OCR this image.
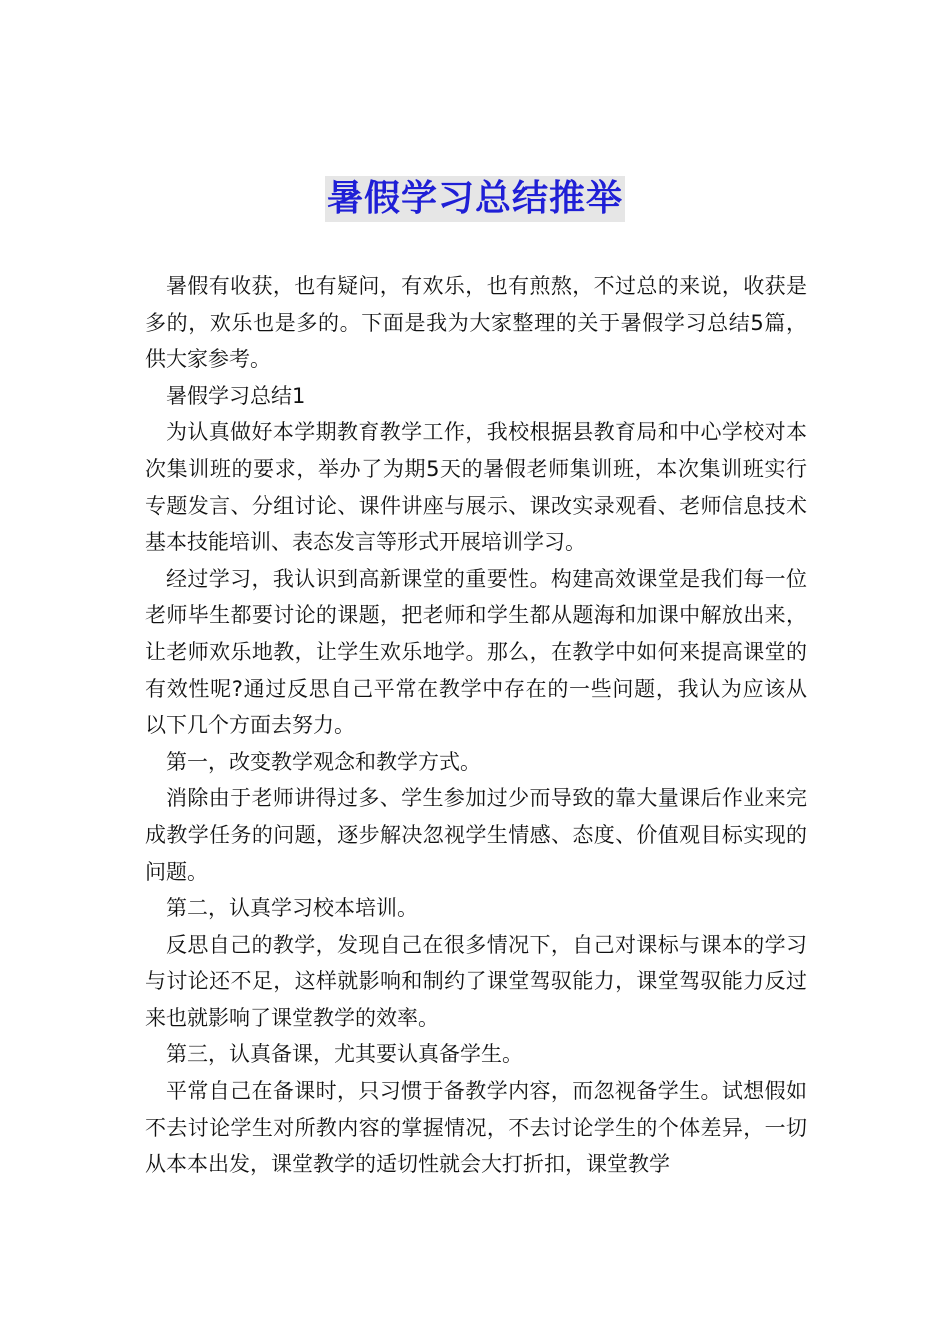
暑假学习总结推举

暑假有收获，也有疑问，有欢乐，也有煎熬，不过总的来说，收获是多的，欢乐也是多的。下面是我为大家整理的关于暑假学习总结5篇，供大家参考。

暑假学习总结1

为认真做好本学期教育教学工作，我校根据县教育局和中心学校对本次集训班的要求，举办了为期5天的暑假老师集训班，本次集训班实行专题发言、分组讨论、课件讲座与展示、课改实录观看、老师信息技术基本技能培训、表态发言等形式开展培训学习。

经过学习，我认识到高新课堂的重要性。构建高效课堂是我们每一位老师毕生都要讨论的课题，把老师和学生都从题海和加课中解放出来，让老师欢乐地教，让学生欢乐地学。那么，在教学中如何来提高课堂的有效性呢?通过反思自己平常在教学中存在的一些问题，我认为应该从以下几个方面去努力。

第一，改变教学观念和教学方式。

消除由于老师讲得过多、学生参加过少而导致的靠大量课后作业来完成教学任务的问题，逐步解决忽视学生情感、态度、价值观目标实现的问题。

第二，认真学习校本培训。

反思自己的教学，发现自己在很多情况下，自己对课标与课本的学习与讨论还不足，这样就影响和制约了课堂驾驭能力，课堂驾驭能力反过来也就影响了课堂教学的效率。

第三，认真备课，尤其要认真备学生。

平常自己在备课时，只习惯于备教学内容，而忽视备学生。试想假如不去讨论学生对所教内容的掌握情况，不去讨论学生的个体差异，一切从本本出发，课堂教学的适切性就会大打折扣，课堂教学
